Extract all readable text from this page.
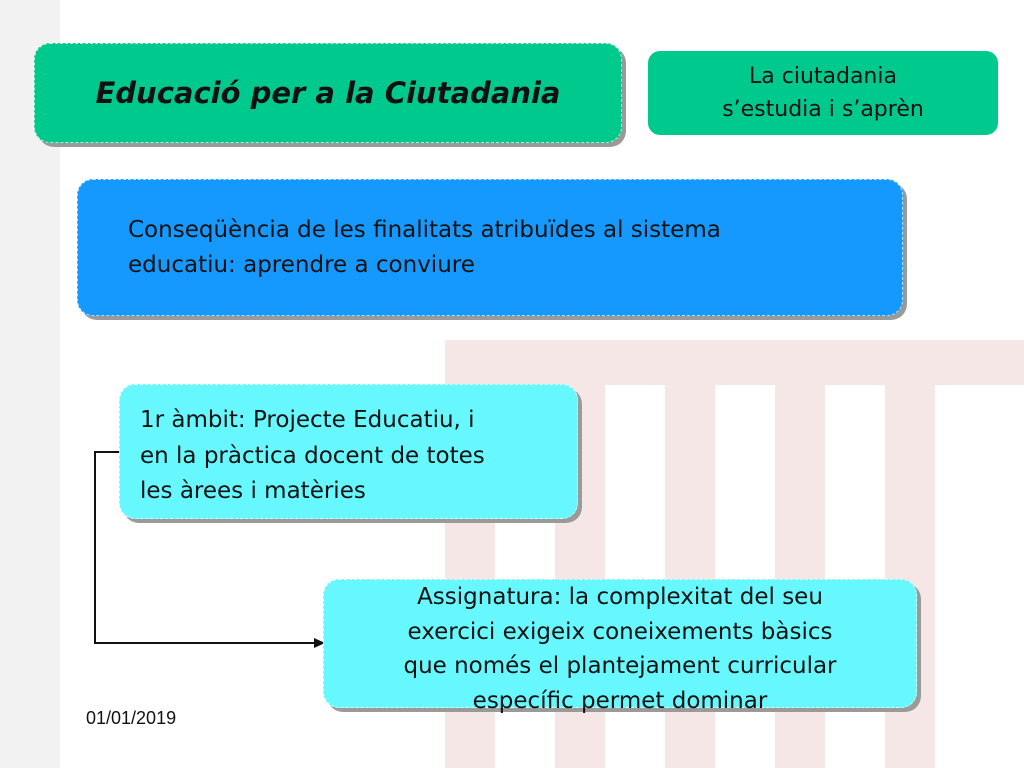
Educació per a la Ciutadania	La ciutadania
s’estudia i s’aprèn
Conseqüència de les finalitats atribuïdes al sistema
educatiu: aprendre a conviure
1r àmbit: Projecte Educatiu, i
en la pràctica docent de totes
les àrees i matèries
Assignatura: la complexitat del seu
exercici exigeix coneixements bàsics
que només el plantejament curricular
específic permet dominar
01/01/2019
